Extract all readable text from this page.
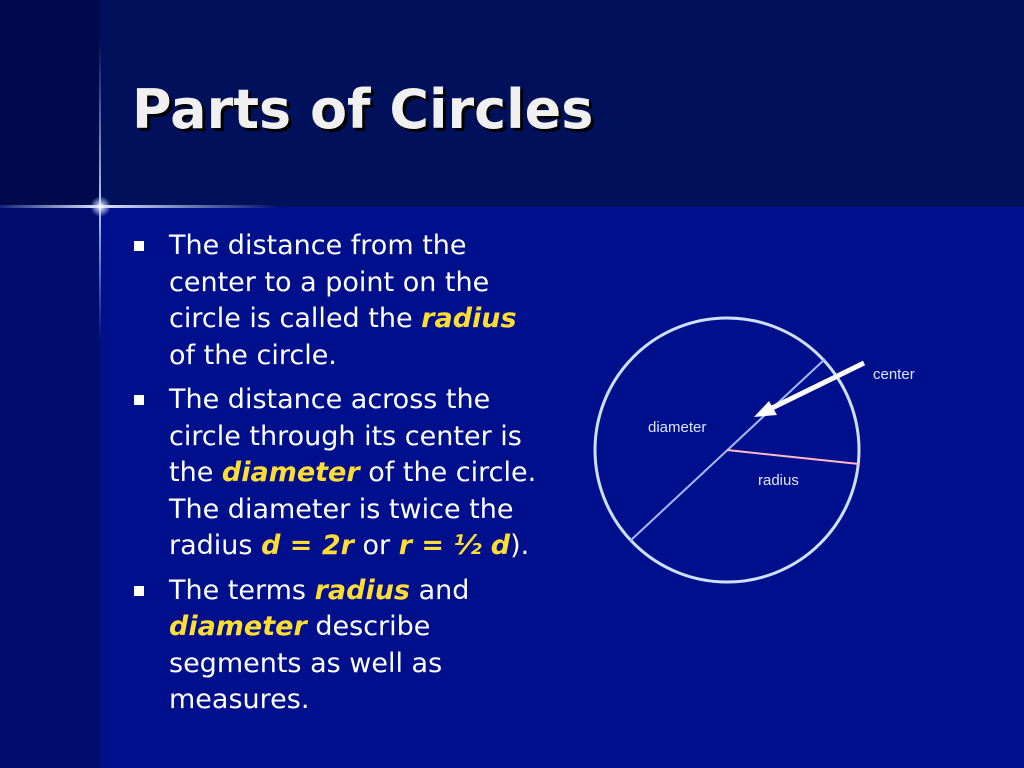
Parts of Circles
The distance from the center to a point on the circle is called the radius of the circle.
The distance across the circle through its center is the diameter of the circle. The diameter is twice the radius d = 2r or r = ½ d).
The terms radius and diameter describe segments as well as measures.
center
diameter
radius
